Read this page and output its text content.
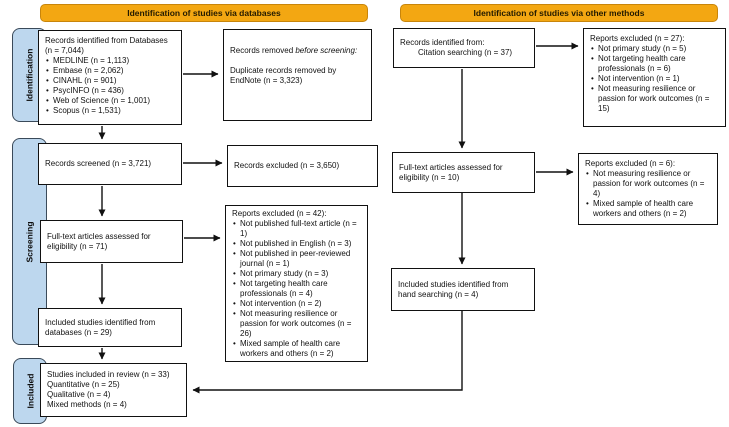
Identification of studies via databases	Identification of studies via other methods
Identification
Screening
Included
Records identified from Databases (n = 7,044)
• MEDLINE (n = 1,113)
• Embase (n = 2,062)
• CINAHL (n = 901)
• PsycINFO (n = 436)
• Web of Science (n = 1,001)
• Scopus (n = 1,531)
Records removed before screening:
Duplicate records removed by EndNote (n = 3,323)
Records screened (n = 3,721)	Records excluded (n = 3,650)
Full-text articles assessed for eligibility (n = 71)
Reports excluded (n = 42):
• Not published full-text article (n = 1)
• Not published in English (n = 3)
• Not published in peer-reviewed journal (n = 1)
• Not primary study (n = 3)
• Not targeting health care professionals (n = 4)
• Not intervention (n = 2)
• Not measuring resilience or passion for work outcomes (n = 26)
• Mixed sample of health care workers and others (n = 2)
Included studies identified from databases (n = 29)
Studies included in review (n = 33)
Quantitative (n = 25)
Qualitative (n = 4)
Mixed methods (n = 4)
Records identified from:
Citation searching (n = 37)
Reports excluded (n = 27):
• Not primary study (n = 5)
• Not targeting health care professionals (n = 6)
• Not intervention (n = 1)
• Not measuring resilience or passion for work outcomes (n = 15)
Full-text articles assessed for eligibility (n = 10)
Reports excluded (n = 6):
• Not measuring resilience or passion for work outcomes (n = 4)
• Mixed sample of health care workers and others (n = 2)
Included studies identified from hand searching (n = 4)
